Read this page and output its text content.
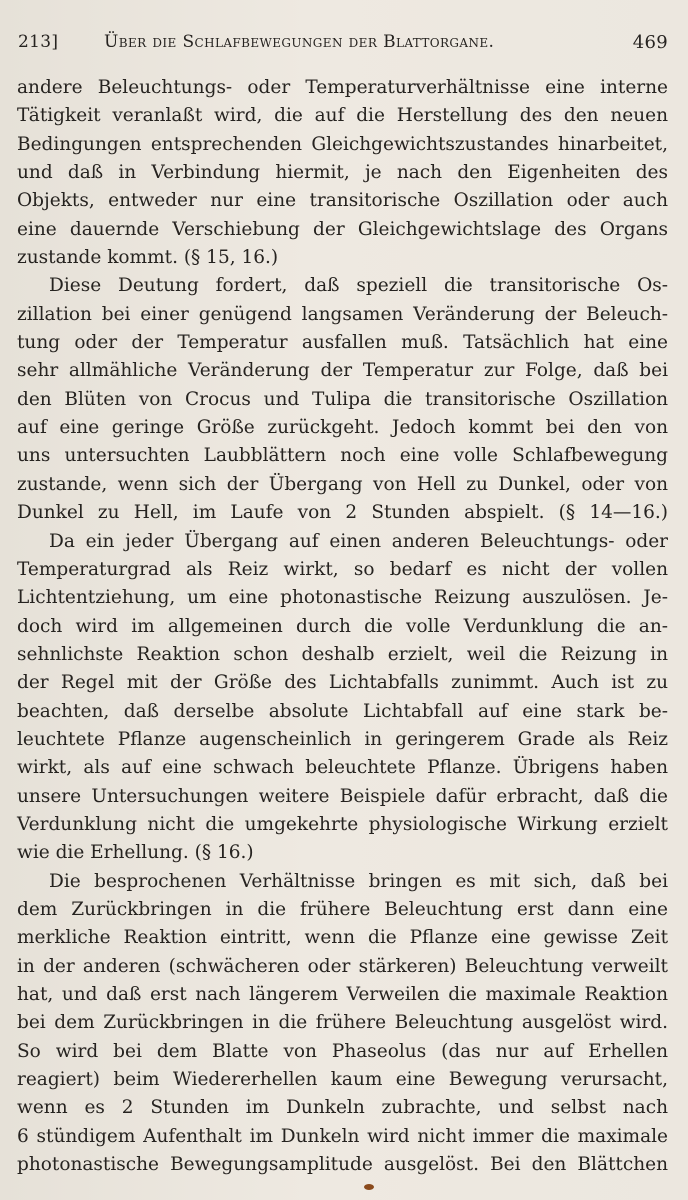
213]	Über die Schlafbewegungen der Blattorgane.	469
andere Beleuchtungs- oder Temperaturverhältnisse eine interne
Tätigkeit veranlaßt wird, die auf die Herstellung des den neuen
Bedingungen entsprechenden Gleichgewichtszustandes hinarbeitet,
und daß in Verbindung hiermit, je nach den Eigenheiten des
Objekts, entweder nur eine transitorische Oszillation oder auch
eine dauernde Verschiebung der Gleichgewichtslage des Organs
zustande kommt. (§ 15, 16.)
Diese Deutung fordert, daß speziell die transitorische Os-
zillation bei einer genügend langsamen Veränderung der Beleuch-
tung oder der Temperatur ausfallen muß. Tatsächlich hat eine
sehr allmähliche Veränderung der Temperatur zur Folge, daß bei
den Blüten von Crocus und Tulipa die transitorische Oszillation
auf eine geringe Größe zurückgeht. Jedoch kommt bei den von
uns untersuchten Laubblättern noch eine volle Schlafbewegung
zustande, wenn sich der Übergang von Hell zu Dunkel, oder von
Dunkel zu Hell, im Laufe von 2 Stunden abspielt. (§ 14—16.)
Da ein jeder Übergang auf einen anderen Beleuchtungs- oder
Temperaturgrad als Reiz wirkt, so bedarf es nicht der vollen
Lichtentziehung, um eine photonastische Reizung auszulösen. Je-
doch wird im allgemeinen durch die volle Verdunklung die an-
sehnlichste Reaktion schon deshalb erzielt, weil die Reizung in
der Regel mit der Größe des Lichtabfalls zunimmt. Auch ist zu
beachten, daß derselbe absolute Lichtabfall auf eine stark be-
leuchtete Pflanze augenscheinlich in geringerem Grade als Reiz
wirkt, als auf eine schwach beleuchtete Pflanze. Übrigens haben
unsere Untersuchungen weitere Beispiele dafür erbracht, daß die
Verdunklung nicht die umgekehrte physiologische Wirkung erzielt
wie die Erhellung. (§ 16.)
Die besprochenen Verhältnisse bringen es mit sich, daß bei
dem Zurückbringen in die frühere Beleuchtung erst dann eine
merkliche Reaktion eintritt, wenn die Pflanze eine gewisse Zeit
in der anderen (schwächeren oder stärkeren) Beleuchtung verweilt
hat, und daß erst nach längerem Verweilen die maximale Reaktion
bei dem Zurückbringen in die frühere Beleuchtung ausgelöst wird.
So wird bei dem Blatte von Phaseolus (das nur auf Erhellen
reagiert) beim Wiedererhellen kaum eine Bewegung verursacht,
wenn es 2 Stunden im Dunkeln zubrachte, und selbst nach
6 stündigem Aufenthalt im Dunkeln wird nicht immer die maximale
photonastische Bewegungsamplitude ausgelöst. Bei den Blättchen
